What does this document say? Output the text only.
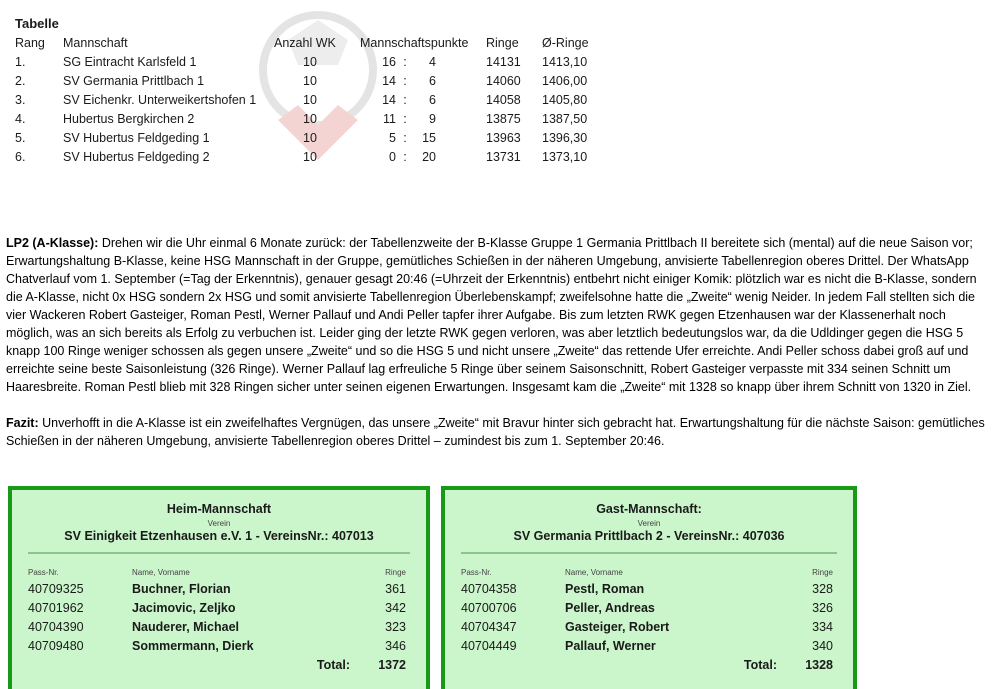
Tabelle
Rang	Mannschaft	Anzahl WK	Mannschaftspunkte	Ringe	Ø-Ringe
1.	SG Eintracht Karlsfeld 1	10	16 : 4	14131	1413,10
2.	SV Germania Prittlbach 1	10	14 : 6	14060	1406,00
3.	SV Eichenkr. Unterweikertshofen 1	10	14 : 6	14058	1405,80
4.	Hubertus Bergkirchen 2	10	11 : 9	13875	1387,50
5.	SV Hubertus Feldgeding 1	10	5 : 15	13963	1396,30
6.	SV Hubertus Feldgeding 2	10	0 : 20	13731	1373,10

LP2 (A-Klasse): Drehen wir die Uhr einmal 6 Monate zurück: der Tabellenzweite der B-Klasse Gruppe 1 Germania Prittlbach II bereitete sich (mental) auf die neue Saison vor; Erwartungshaltung B-Klasse, keine HSG Mannschaft in der Gruppe, gemütliches Schießen in der näheren Umgebung, anvisierte Tabellenregion oberes Drittel. Der WhatsApp Chatverlauf vom 1. September (=Tag der Erkenntnis), genauer gesagt 20:46 (=Uhrzeit der Erkenntnis) entbehrt nicht einiger Komik: plötzlich war es nicht die B-Klasse, sondern die A-Klasse, nicht 0x HSG sondern 2x HSG und somit anvisierte Tabellenregion Überlebenskampf; zweifelsohne hatte die „Zweite“ wenig Neider. In jedem Fall stellten sich die vier Wackeren Robert Gasteiger, Roman Pestl, Werner Pallauf und Andi Peller tapfer ihrer Aufgabe. Bis zum letzten RWK gegen Etzenhausen war der Klassenerhalt noch möglich, was an sich bereits als Erfolg zu verbuchen ist. Leider ging der letzte RWK gegen verloren, was aber letztlich bedeutungslos war, da die Udldinger gegen die HSG 5 knapp 100 Ringe weniger schossen als gegen unsere „Zweite“ und so die HSG 5 und nicht unsere „Zweite“ das rettende Ufer erreichte. Andi Peller schoss dabei groß auf und erreichte seine beste Saisonleistung (326 Ringe). Werner Pallauf lag erfreuliche 5 Ringe über seinem Saisonschnitt, Robert Gasteiger verpasste mit 334 seinen Schnitt um Haaresbreite. Roman Pestl blieb mit 328 Ringen sicher unter seinen eigenen Erwartungen. Insgesamt kam die „Zweite“ mit 1328 so knapp über ihrem Schnitt von 1320 in Ziel.

Fazit: Unverhofft in die A-Klasse ist ein zweifelhaftes Vergnügen, das unsere „Zweite“ mit Bravur hinter sich gebracht hat. Erwartungshaltung für die nächste Saison: gemütliches Schießen in der näheren Umgebung, anvisierte Tabellenregion oberes Drittel – zumindest bis zum 1. September 20:46.

Heim-Mannschaft
Verein
SV Einigkeit Etzenhausen e.V. 1 - VereinsNr.: 407013
Pass-Nr.	Name, Vorname	Ringe
40709325	Buchner, Florian	361
40701962	Jacimovic, Zeljko	342
40704390	Nauderer, Michael	323
40709480	Sommermann, Dierk	346
Total: 1372
Gast-Mannschaft:
Verein
SV Germania Prittlbach 2 - VereinsNr.: 407036
Pass-Nr.	Name, Vorname	Ringe
40704358	Pestl, Roman	328
40700706	Peller, Andreas	326
40704347	Gasteiger, Robert	334
40704449	Pallauf, Werner	340
Total: 1328
